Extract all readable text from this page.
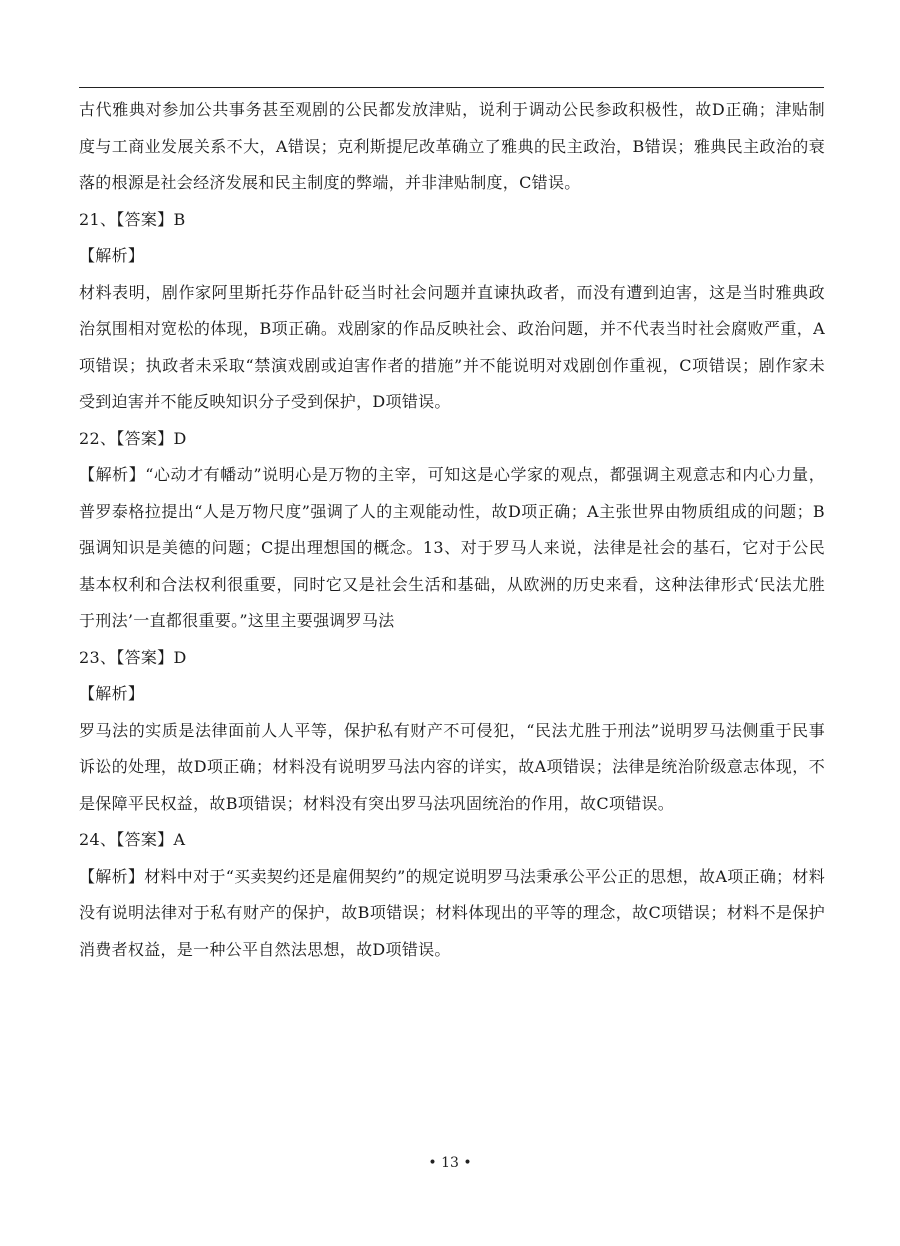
古代雅典对参加公共事务甚至观剧的公民都发放津贴，说利于调动公民参政积极性，故D正确；津贴制度与工商业发展关系不大，A错误；克利斯提尼改革确立了雅典的民主政治，B错误；雅典民主政治的衰落的根源是社会经济发展和民主制度的弊端，并非津贴制度，C错误。

21、【答案】B

【解析】

材料表明，剧作家阿里斯托芬作品针砭当时社会问题并直谏执政者，而没有遭到迫害，这是当时雅典政治氛围相对宽松的体现，B项正确。戏剧家的作品反映社会、政治问题，并不代表当时社会腐败严重，A项错误；执政者未采取“禁演戏剧或迫害作者的措施”并不能说明对戏剧创作重视，C项错误；剧作家未受到迫害并不能反映知识分子受到保护，D项错误。

22、【答案】D

【解析】“心动才有幡动”说明心是万物的主宰，可知这是心学家的观点，都强调主观意志和内心力量，普罗泰格拉提出“人是万物尺度”强调了人的主观能动性，故D项正确；A主张世界由物质组成的问题；B强调知识是美德的问题；C提出理想国的概念。13、对于罗马人来说，法律是社会的基石，它对于公民基本权利和合法权利很重要，同时它又是社会生活和基础，从欧洲的历史来看，这种法律形式‘民法尤胜于刑法’一直都很重要。”这里主要强调罗马法

23、【答案】D

【解析】

罗马法的实质是法律面前人人平等，保护私有财产不可侵犯，“民法尤胜于刑法”说明罗马法侧重于民事诉讼的处理，故D项正确；材料没有说明罗马法内容的详实，故A项错误；法律是统治阶级意志体现，不是保障平民权益，故B项错误；材料没有突出罗马法巩固统治的作用，故C项错误。

24、【答案】A

【解析】材料中对于“买卖契约还是雇佣契约”的规定说明罗马法秉承公平公正的思想，故A项正确；材料没有说明法律对于私有财产的保护，故B项错误；材料体现出的平等的理念，故C项错误；材料不是保护消费者权益，是一种公平自然法思想，故D项错误。

• 13 •
